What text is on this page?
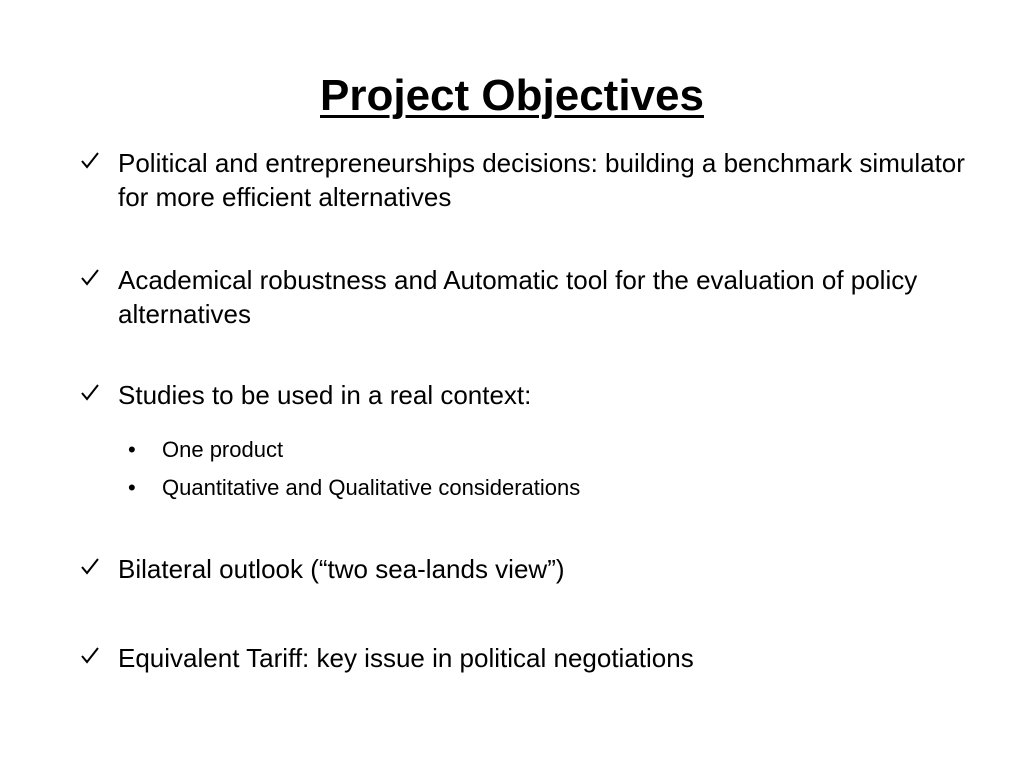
Project Objectives
Political and entrepreneurships decisions: building a benchmark simulator for more efficient alternatives
Academical robustness and Automatic tool for the evaluation of policy alternatives
Studies to be used in a real context:
•	One product
•	Quantitative and Qualitative considerations
Bilateral outlook (“two sea-lands view”)
Equivalent Tariff: key issue in political negotiations
